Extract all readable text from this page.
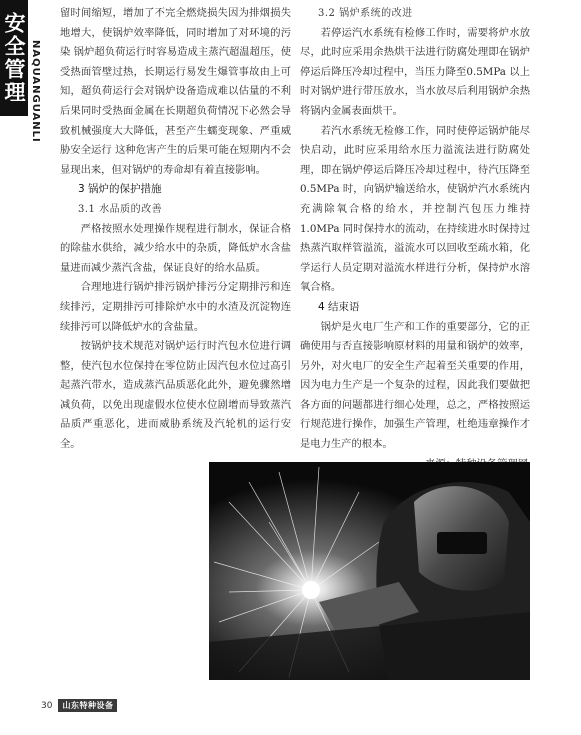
安全管理 NAQUANGUANLI

留时间缩短，增加了不完全燃烧损失因为排烟损失地增大，使锅炉效率降低，同时增加了对环境的污染 锅炉超负荷运行时容易造成主蒸汽超温超压，使受热面管壁过热，长期运行易发生爆管事故由上可知，超负荷运行会对锅炉设备造成难以估量的不利后果同时受热面金属在长期超负荷情况下必然会导致机械强度大大降低，甚至产生蠕变现象、严重威胁安全运行 这种危害产生的后果可能在短期内不会显现出来，但对锅炉的寿命却有着直接影响。

3 锅炉的保护措施
3.1 水品质的改善

严格按照水处理操作规程进行制水，保证合格的除盐水供给，减少给水中的杂质，降低炉水含盐量进而减少蒸汽含盐，保证良好的给水品质。

合理地进行锅炉排污锅炉排污分定期排污和连续排污，定期排污可排除炉水中的水渣及沉淀物连续排污可以降低炉水的含盐量。

按锅炉技术规范对锅炉运行时汽包水位进行调整，使汽包水位保持在零位防止因汽包水位过高引起蒸汽带水，造成蒸汽品质恶化此外，避免骤然增减负荷，以免出现虚假水位使水位剧增而导致蒸汽品质严重恶化，进而威胁系统及汽轮机的运行安全。

3.2 锅炉系统的改进

若停运汽水系统有检修工作时，需要将炉水放尽，此时应采用余热烘干法进行防腐处理即在锅炉停运后降压冷却过程中，当压力降至0.5MPa 以上时对锅炉进行带压放水，当水放尽后利用锅炉余热将锅内金属表面烘干。

若汽水系统无检修工作，同时使停运锅炉能尽快启动，此时应采用给水压力溢流法进行防腐处理，即在锅炉停运后降压冷却过程中，待汽压降至 0.5MPa 时，向锅炉输送给水，使锅炉汽水系统内充满除氧合格的给水，并控制汽包压力维持 1.0MPa 同时保持水的流动，在持续进水时保持过热蒸汽取样管溢流，溢流水可以回收至疏水箱，化学运行人员定期对溢流水样进行分析，保持炉水溶氧合格。

4 结束语

锅炉是火电厂生产和工作的重要部分，它的正确使用与否直接影响原材料的用量和锅炉的效率，另外，对火电厂的安全生产起着至关重要的作用，因为电力生产是一个复杂的过程，因此我们要做把各方面的问题都进行细心处理，总之，严格按照运行规范进行操作，加强生产管理，杜绝违章操作才是电力生产的根本。

30	山东特种设备
